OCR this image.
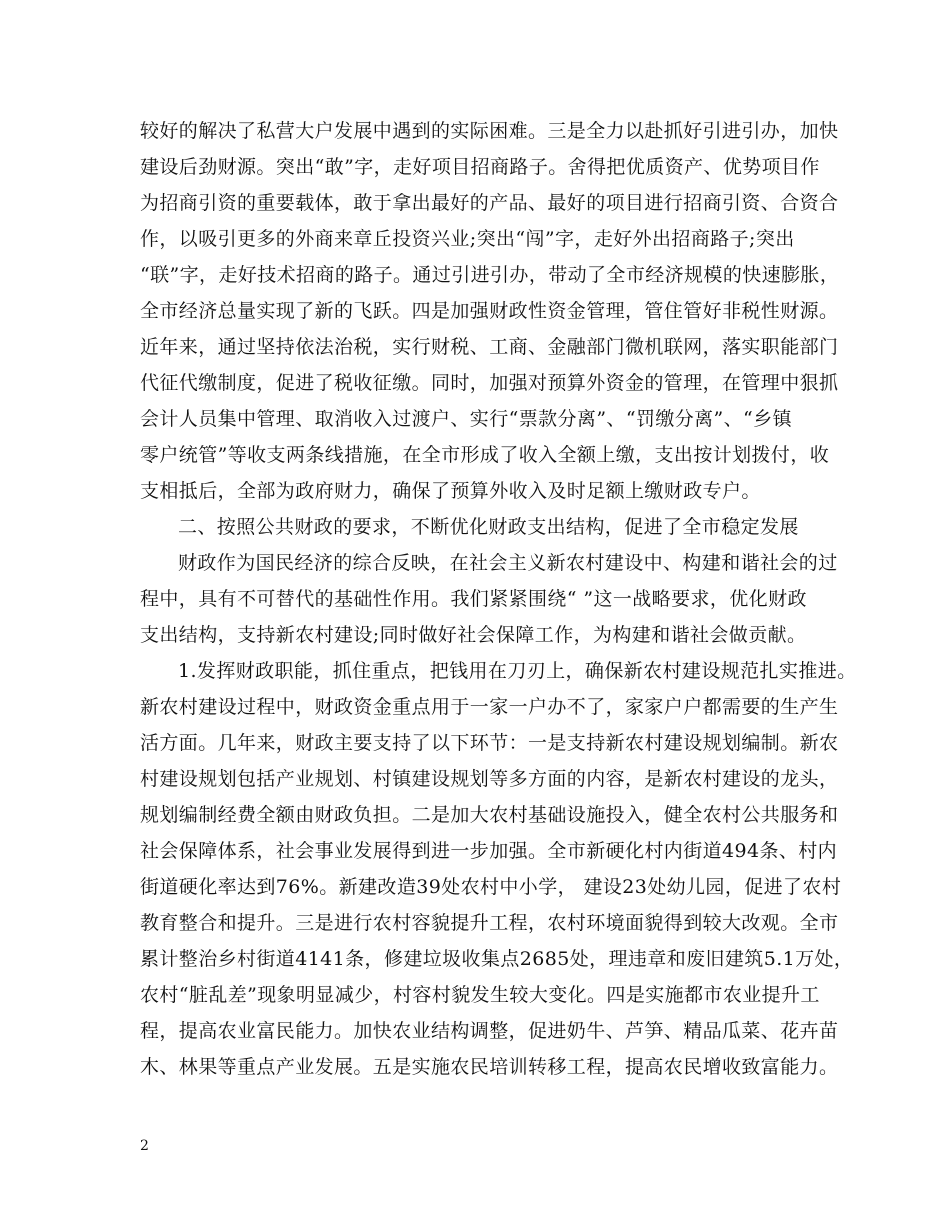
较好的解决了私营大户发展中遇到的实际困难。三是全力以赴抓好引进引办，加快
建设后劲财源。突出“敢”字，走好项目招商路子。舍得把优质资产、优势项目作
为招商引资的重要载体，敢于拿出最好的产品、最好的项目进行招商引资、合资合
作，以吸引更多的外商来章丘投资兴业;突出“闯”字，走好外出招商路子;突出
“联”字，走好技术招商的路子。通过引进引办，带动了全市经济规模的快速膨胀，
全市经济总量实现了新的飞跃。四是加强财政性资金管理，管住管好非税性财源。
近年来，通过坚持依法治税，实行财税、工商、金融部门微机联网，落实职能部门
代征代缴制度，促进了税收征缴。同时，加强对预算外资金的管理，在管理中狠抓
会计人员集中管理、取消收入过渡户、实行“票款分离”、“罚缴分离”、“乡镇
零户统管”等收支两条线措施，在全市形成了收入全额上缴，支出按计划拨付，收
支相抵后，全部为政府财力，确保了预算外收入及时足额上缴财政专户。
二、按照公共财政的要求，不断优化财政支出结构，促进了全市稳定发展
财政作为国民经济的综合反映，在社会主义新农村建设中、构建和谐社会的过
程中，具有不可替代的基础性作用。我们紧紧围绕“ ”这一战略要求，优化财政
支出结构，支持新农村建设;同时做好社会保障工作，为构建和谐社会做贡献。
1.发挥财政职能，抓住重点，把钱用在刀刃上，确保新农村建设规范扎实推进。
新农村建设过程中，财政资金重点用于一家一户办不了，家家户户都需要的生产生
活方面。几年来，财政主要支持了以下环节：一是支持新农村建设规划编制。新农
村建设规划包括产业规划、村镇建设规划等多方面的内容，是新农村建设的龙头，
规划编制经费全额由财政负担。二是加大农村基础设施投入，健全农村公共服务和
社会保障体系，社会事业发展得到进一步加强。全市新硬化村内街道494条、村内
街道硬化率达到76%。新建改造39处农村中小学， 建设23处幼儿园，促进了农村
教育整合和提升。三是进行农村容貌提升工程，农村环境面貌得到较大改观。全市
累计整治乡村街道4141条，修建垃圾收集点2685处，理违章和废旧建筑5.1万处，
农村“脏乱差”现象明显减少，村容村貌发生较大变化。四是实施都市农业提升工
程，提高农业富民能力。加快农业结构调整，促进奶牛、芦笋、精品瓜菜、花卉苗
木、林果等重点产业发展。五是实施农民培训转移工程，提高农民增收致富能力。
2
